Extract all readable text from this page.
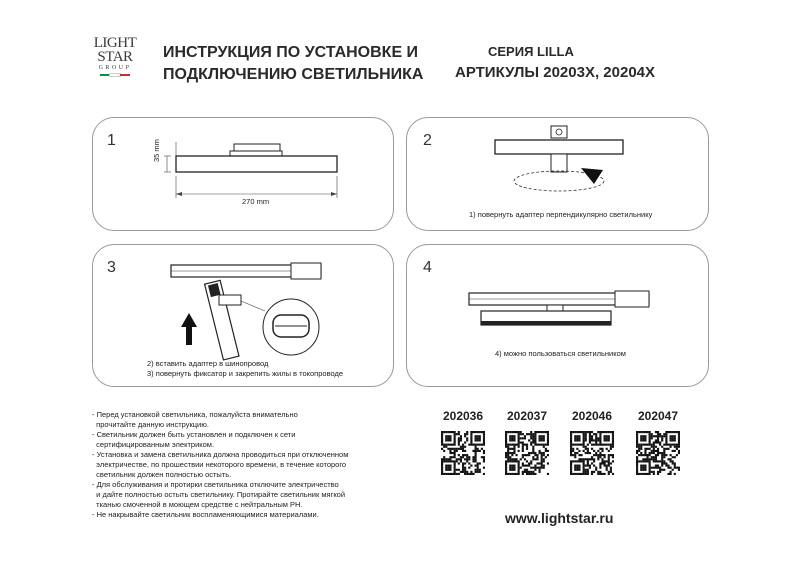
LIGHT
STAR
GROUP
ИНСТРУКЦИЯ ПО УСТАНОВКЕ И
ПОДКЛЮЧЕНИЮ СВЕТИЛЬНИКА
СЕРИЯ LILLA
АРТИКУЛЫ 20203X, 20204X
1	35 mm
270 mm
2
1) повернуть адаптер перпендикулярно светильнику
3
2) вставить адаптер в шинопровод
3) повернуть фиксатор и закрепить жилы в токопроводе
4
4) можно пользоваться светильником
- Перед установкой светильника, пожалуйста внимательно
прочитайте данную инструкцию.
- Светильник должен быть установлен и подключен к сети
сертифицированным электриком.
- Установка и замена светильника должна проводиться при отключенном
электричестве, по прошествии некоторого времени, в течение которого
светильник должен полностью остыть.
- Для обслуживания и протирки светильника отключите электричество
и дайте полностью остыть светильнику. Протирайте светильник мягкой
тканью смоченной в моющем средстве с нейтральным PH.
- Не накрывайте светильник воспламеняющимися материалами.
202036	202037	202046	202047
www.lightstar.ru
